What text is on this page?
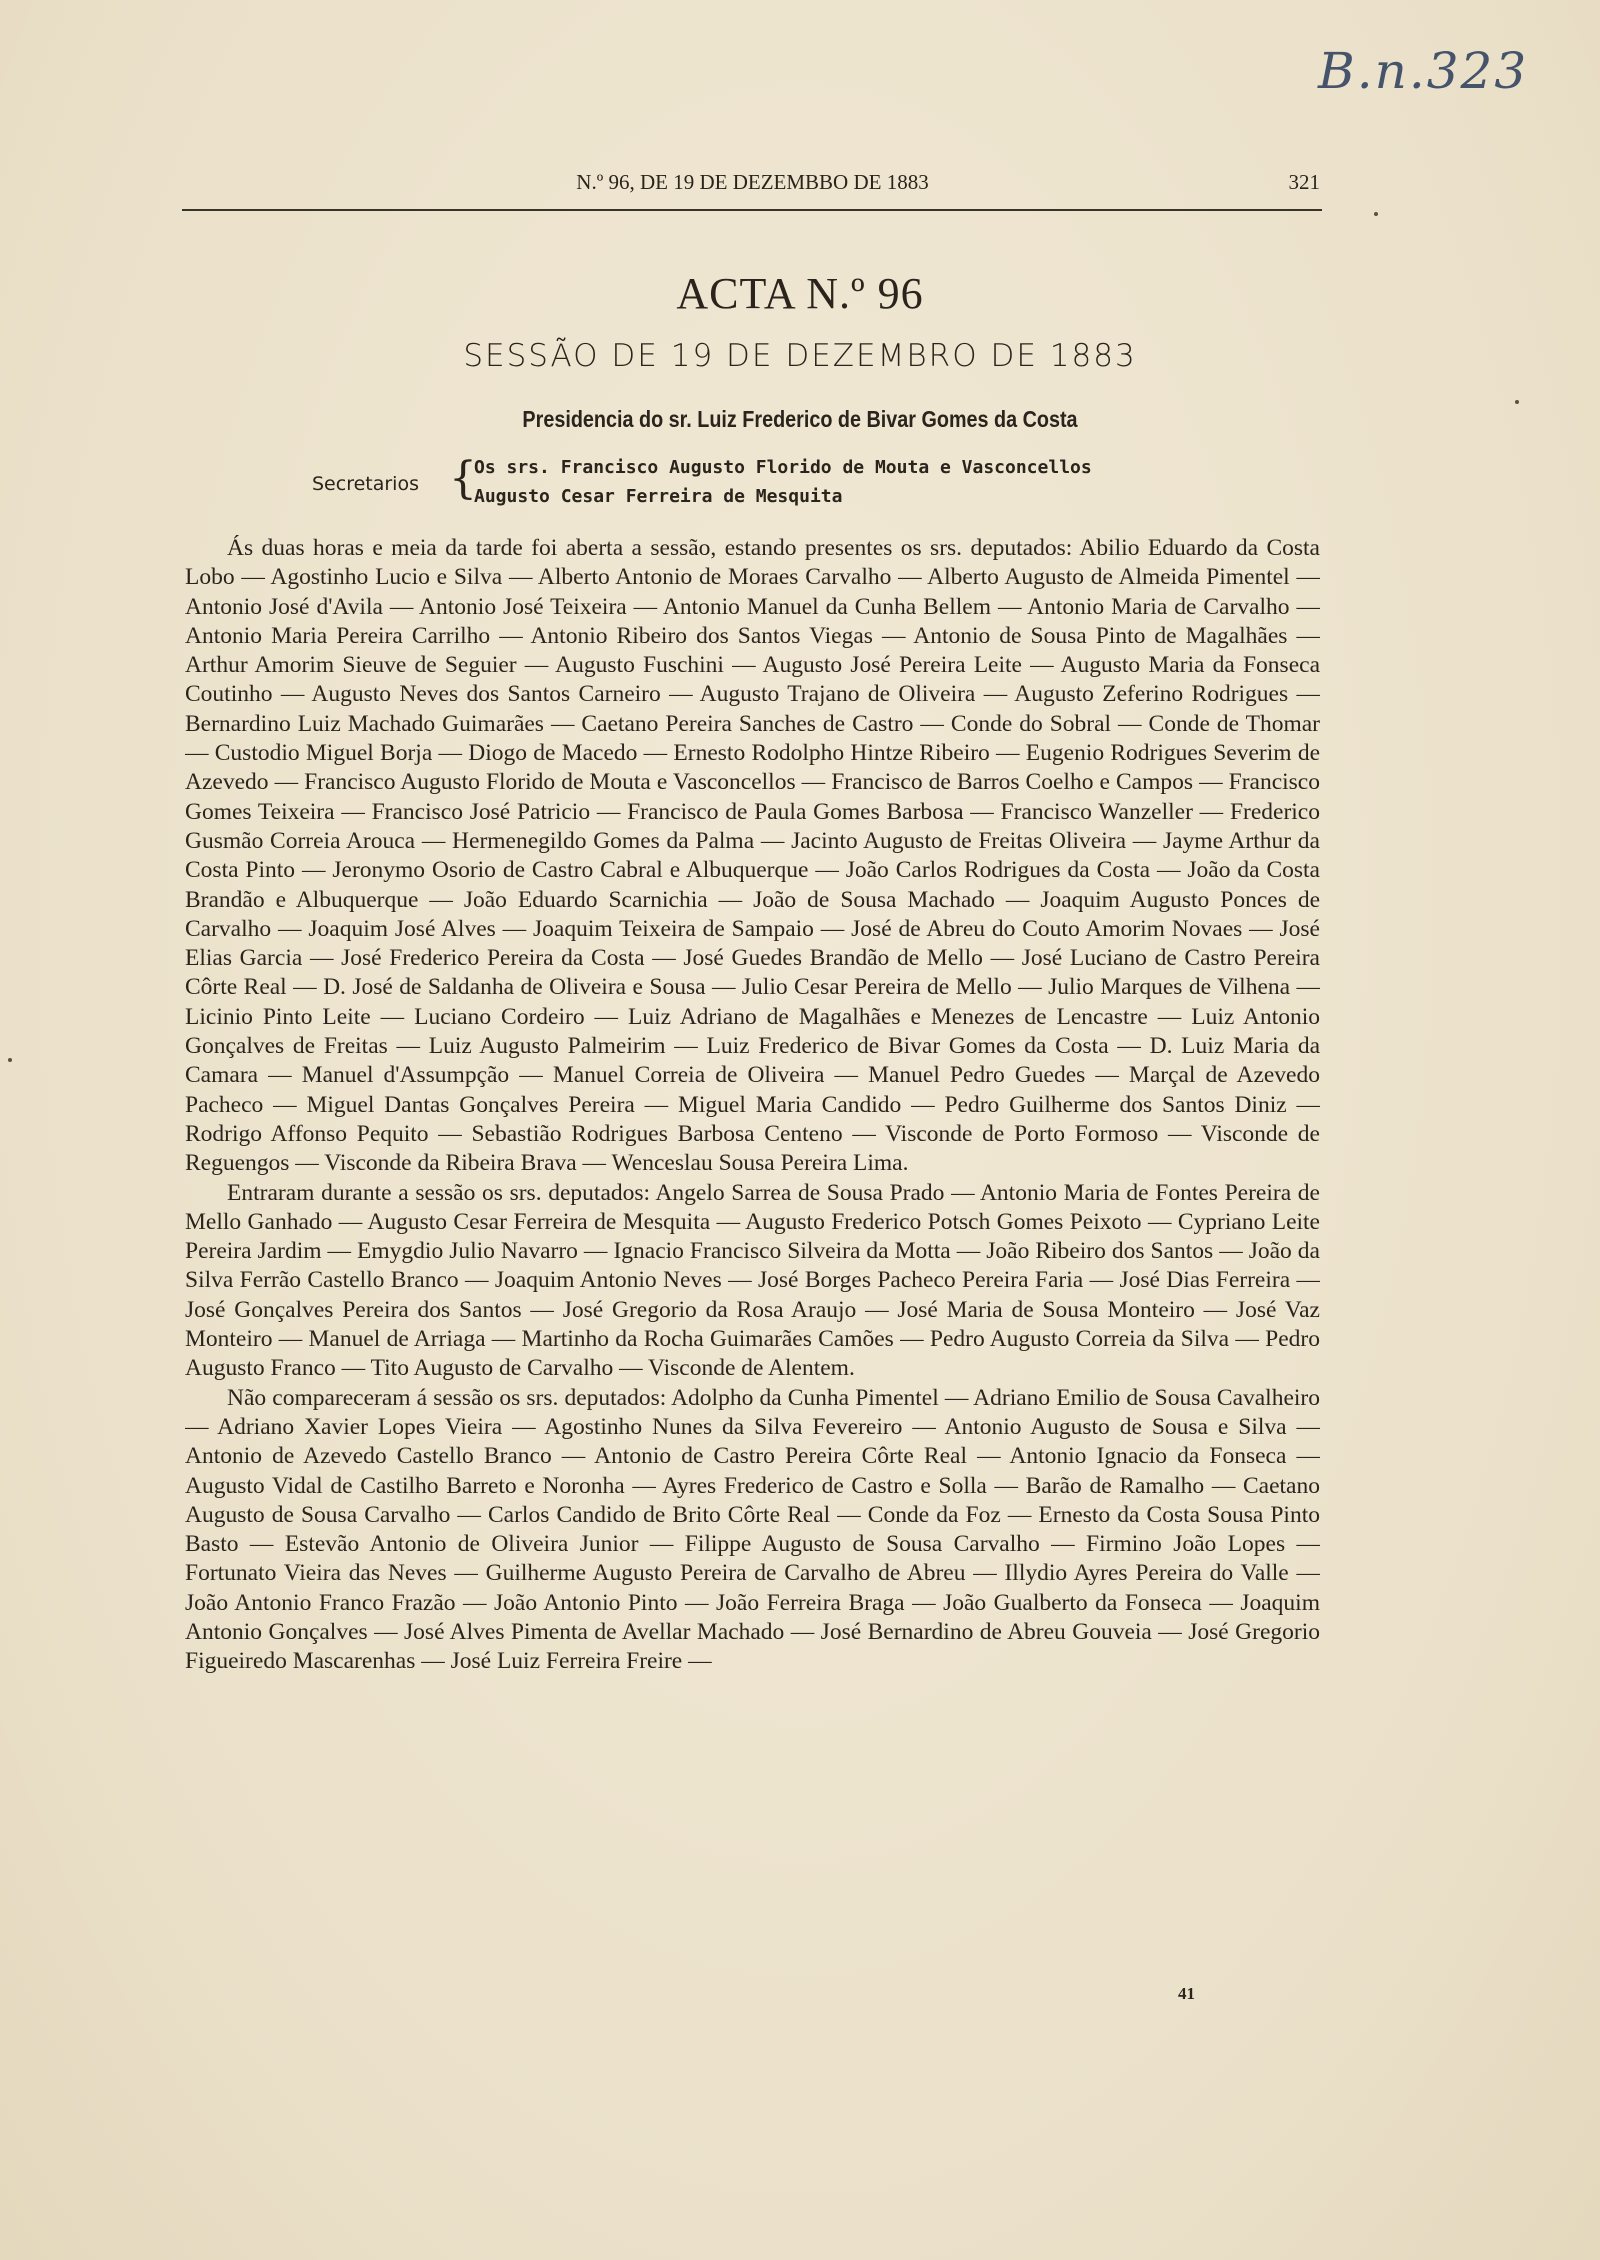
B.n.323
N.º 96, DE 19 DE DEZEMBBO DE 1883	321
ACTA N.º 96
SESSÃO DE 19 DE DEZEMBRO DE 1883
Presidencia do sr. Luiz Frederico de Bivar Gomes da Costa
Secretarios {
Os srs. Francisco Augusto Florido de Mouta e Vasconcellos
Augusto Cesar Ferreira de Mesquita

Ás duas horas e meia da tarde foi aberta a sessão, estando presentes os srs. deputados: Abilio Eduardo da Costa Lobo — Agostinho Lucio e Silva — Alberto Antonio de Moraes Carvalho — Alberto Augusto de Almeida Pimentel — Antonio José d'Avila — Antonio José Teixeira — Antonio Manuel da Cunha Bellem — Antonio Maria de Carvalho — Antonio Maria Pereira Carrilho — Antonio Ribeiro dos Santos Viegas — Antonio de Sousa Pinto de Magalhães — Arthur Amorim Sieuve de Seguier — Augusto Fuschini — Augusto José Pereira Leite — Augusto Maria da Fonseca Coutinho — Augusto Neves dos Santos Carneiro — Augusto Trajano de Oliveira — Augusto Zeferino Rodrigues — Bernardino Luiz Machado Guimarães — Caetano Pereira Sanches de Castro — Conde do Sobral — Conde de Thomar — Custodio Miguel Borja — Diogo de Macedo — Ernesto Rodolpho Hintze Ribeiro — Eugenio Rodrigues Severim de Azevedo — Francisco Augusto Florido de Mouta e Vasconcellos — Francisco de Barros Coelho e Campos — Francisco Gomes Teixeira — Francisco José Patricio — Francisco de Paula Gomes Barbosa — Francisco Wanzeller — Frederico Gusmão Correia Arouca — Hermenegildo Gomes da Palma — Jacinto Augusto de Freitas Oliveira — Jayme Arthur da Costa Pinto — Jeronymo Osorio de Castro Cabral e Albuquerque — João Carlos Rodrigues da Costa — João da Costa Brandão e Albuquerque — João Eduardo Scarnichia — João de Sousa Machado — Joaquim Augusto Ponces de Carvalho — Joaquim José Alves — Joaquim Teixeira de Sampaio — José de Abreu do Couto Amorim Novaes — José Elias Garcia — José Frederico Pereira da Costa — José Guedes Brandão de Mello — José Luciano de Castro Pereira Côrte Real — D. José de Saldanha de Oliveira e Sousa — Julio Cesar Pereira de Mello — Julio Marques de Vilhena — Licinio Pinto Leite — Luciano Cordeiro — Luiz Adriano de Magalhães e Menezes de Lencastre — Luiz Antonio Gonçalves de Freitas — Luiz Augusto Palmeirim — Luiz Frederico de Bivar Gomes da Costa — D. Luiz Maria da Camara — Manuel d'Assumpção — Manuel Correia de Oliveira — Manuel Pedro Guedes — Marçal de Azevedo Pacheco — Miguel Dantas Gonçalves Pereira — Miguel Maria Candido — Pedro Guilherme dos Santos Diniz — Rodrigo Affonso Pequito — Sebastião Rodrigues Barbosa Centeno — Visconde de Porto Formoso — Visconde de Reguengos — Visconde da Ribeira Brava — Wenceslau Sousa Pereira Lima.

Entraram durante a sessão os srs. deputados: Angelo Sarrea de Sousa Prado — Antonio Maria de Fontes Pereira de Mello Ganhado — Augusto Cesar Ferreira de Mesquita — Augusto Frederico Potsch Gomes Peixoto — Cypriano Leite Pereira Jardim — Emygdio Julio Navarro — Ignacio Francisco Silveira da Motta — João Ribeiro dos Santos — João da Silva Ferrão Castello Branco — Joaquim Antonio Neves — José Borges Pacheco Pereira Faria — José Dias Ferreira — José Gonçalves Pereira dos Santos — José Gregorio da Rosa Araujo — José Maria de Sousa Monteiro — José Vaz Monteiro — Manuel de Arriaga — Martinho da Rocha Guimarães Camões — Pedro Augusto Correia da Silva — Pedro Augusto Franco — Tito Augusto de Carvalho — Visconde de Alentem.

Não compareceram á sessão os srs. deputados: Adolpho da Cunha Pimentel — Adriano Emilio de Sousa Cavalheiro — Adriano Xavier Lopes Vieira — Agostinho Nunes da Silva Fevereiro — Antonio Augusto de Sousa e Silva — Antonio de Azevedo Castello Branco — Antonio de Castro Pereira Côrte Real — Antonio Ignacio da Fonseca — Augusto Vidal de Castilho Barreto e Noronha — Ayres Frederico de Castro e Solla — Barão de Ramalho — Caetano Augusto de Sousa Carvalho — Carlos Candido de Brito Côrte Real — Conde da Foz — Ernesto da Costa Sousa Pinto Basto — Estevão Antonio de Oliveira Junior — Filippe Augusto de Sousa Carvalho — Firmino João Lopes — Fortunato Vieira das Neves — Guilherme Augusto Pereira de Carvalho de Abreu — Illydio Ayres Pereira do Valle — João Antonio Franco Frazão — João Antonio Pinto — João Ferreira Braga — João Gualberto da Fonseca — Joaquim Antonio Gonçalves — José Alves Pimenta de Avellar Machado — José Bernardino de Abreu Gouveia — José Gregorio Figueiredo Mascarenhas — José Luiz Ferreira Freire —

41
